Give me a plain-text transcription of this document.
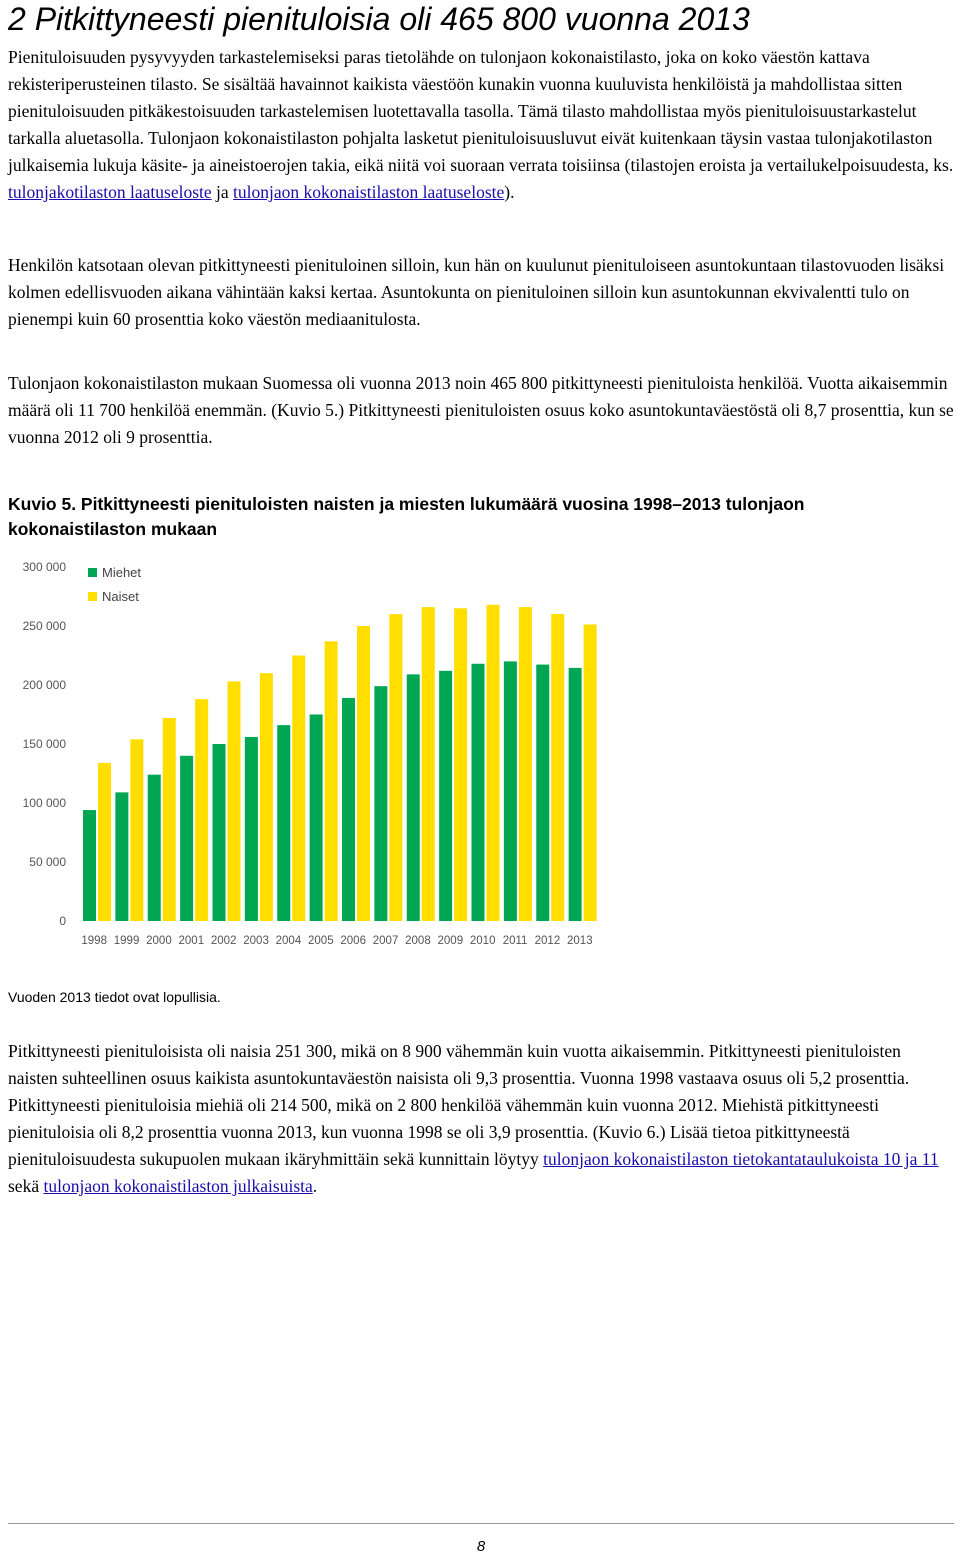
2 Pitkittyneesti pienituloisia oli 465 800 vuonna 2013

Pienituloisuuden pysyvyyden tarkastelemiseksi paras tietolähde on tulonjaon kokonaistilasto, joka on koko väestön kattava rekisteriperusteinen tilasto. Se sisältää havainnot kaikista väestöön kunakin vuonna kuuluvista henkilöistä ja mahdollistaa sitten pienituloisuuden pitkäkestoisuuden tarkastelemisen luotettavalla tasolla. Tämä tilasto mahdollistaa myös pienituloisuustarkastelut tarkalla aluetasolla. Tulonjaon kokonaistilaston pohjalta lasketut pienituloisuusluvut eivät kuitenkaan täysin vastaa tulonjakotilaston julkaisemia lukuja käsite- ja aineistoerojen takia, eikä niitä voi suoraan verrata toisiinsa (tilastojen eroista ja vertailukelpoisuudesta, ks. tulonjakotilaston laatuseloste ja tulonjaon kokonaistilaston laatuseloste).

Henkilön katsotaan olevan pitkittyneesti pienituloinen silloin, kun hän on kuulunut pienituloiseen asuntokuntaan tilastovuoden lisäksi kolmen edellisvuoden aikana vähintään kaksi kertaa. Asuntokunta on pienituloinen silloin kun asuntokunnan ekvivalentti tulo on pienempi kuin 60 prosenttia koko väestön mediaanitulosta.

Tulonjaon kokonaistilaston mukaan Suomessa oli vuonna 2013 noin 465 800 pitkittyneesti pienituloista henkilöä. Vuotta aikaisemmin määrä oli 11 700 henkilöä enemmän. (Kuvio 5.) Pitkittyneesti pienituloisten osuus koko asuntokuntaväestöstä oli 8,7 prosenttia, kun se vuonna 2012 oli 9 prosenttia.

Kuvio 5. Pitkittyneesti pienituloisten naisten ja miesten lukumäärä vuosina 1998–2013 tulonjaon kokonaistilaston mukaan

0
50 000
100 000
150 000
200 000
250 000
300 000
1998 1999 2000 2001 2002 2003 2004 2005 2006 2007 2008 2009 2010 2011 2012 2013
Miehet
Naiset

Vuoden 2013 tiedot ovat lopullisia.

Pitkittyneesti pienituloisista oli naisia 251 300, mikä on 8 900 vähemmän kuin vuotta aikaisemmin. Pitkittyneesti pienituloisten naisten suhteellinen osuus kaikista asuntokuntaväestön naisista oli 9,3 prosenttia. Vuonna 1998 vastaava osuus oli 5,2 prosenttia. Pitkittyneesti pienituloisia miehiä oli 214 500, mikä on 2 800 henkilöä vähemmän kuin vuonna 2012. Miehistä pitkittyneesti pienituloisia oli 8,2 prosenttia vuonna 2013, kun vuonna 1998 se oli 3,9 prosenttia. (Kuvio 6.) Lisää tietoa pitkittyneestä pienituloisuudesta sukupuolen mukaan ikäryhmittäin sekä kunnittain löytyy tulonjaon kokonaistilaston tietokantataulukoista 10 ja 11 sekä tulonjaon kokonaistilaston julkaisuista.

8
